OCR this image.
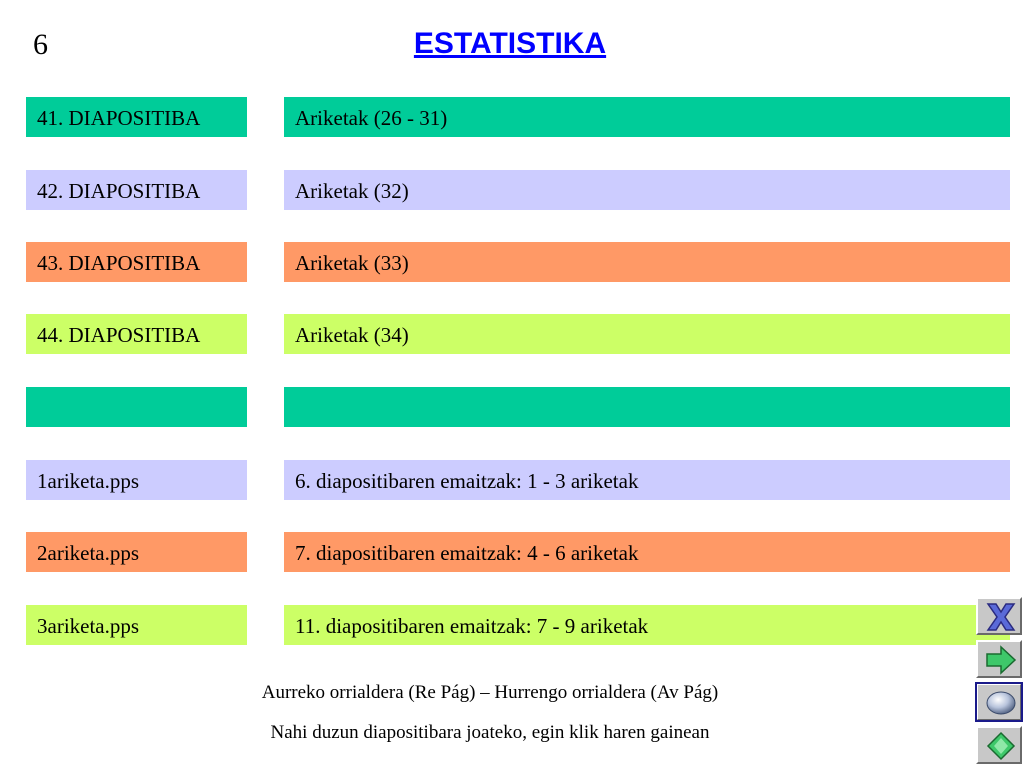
6	ESTATISTIKA
41. DIAPOSITIBA	Ariketak (26 - 31)
42. DIAPOSITIBA	Ariketak (32)
43. DIAPOSITIBA	Ariketak (33)
44. DIAPOSITIBA	Ariketak (34)
1ariketa.pps	6. diapositibaren emaitzak: 1 - 3 ariketak
2ariketa.pps	7. diapositibaren emaitzak: 4 - 6 ariketak
3ariketa.pps	11. diapositibaren emaitzak: 7 - 9 ariketak
Aurreko orrialdera (Re Pág) – Hurrengo orrialdera (Av Pág)
Nahi duzun diapositibara joateko, egin klik haren gainean
